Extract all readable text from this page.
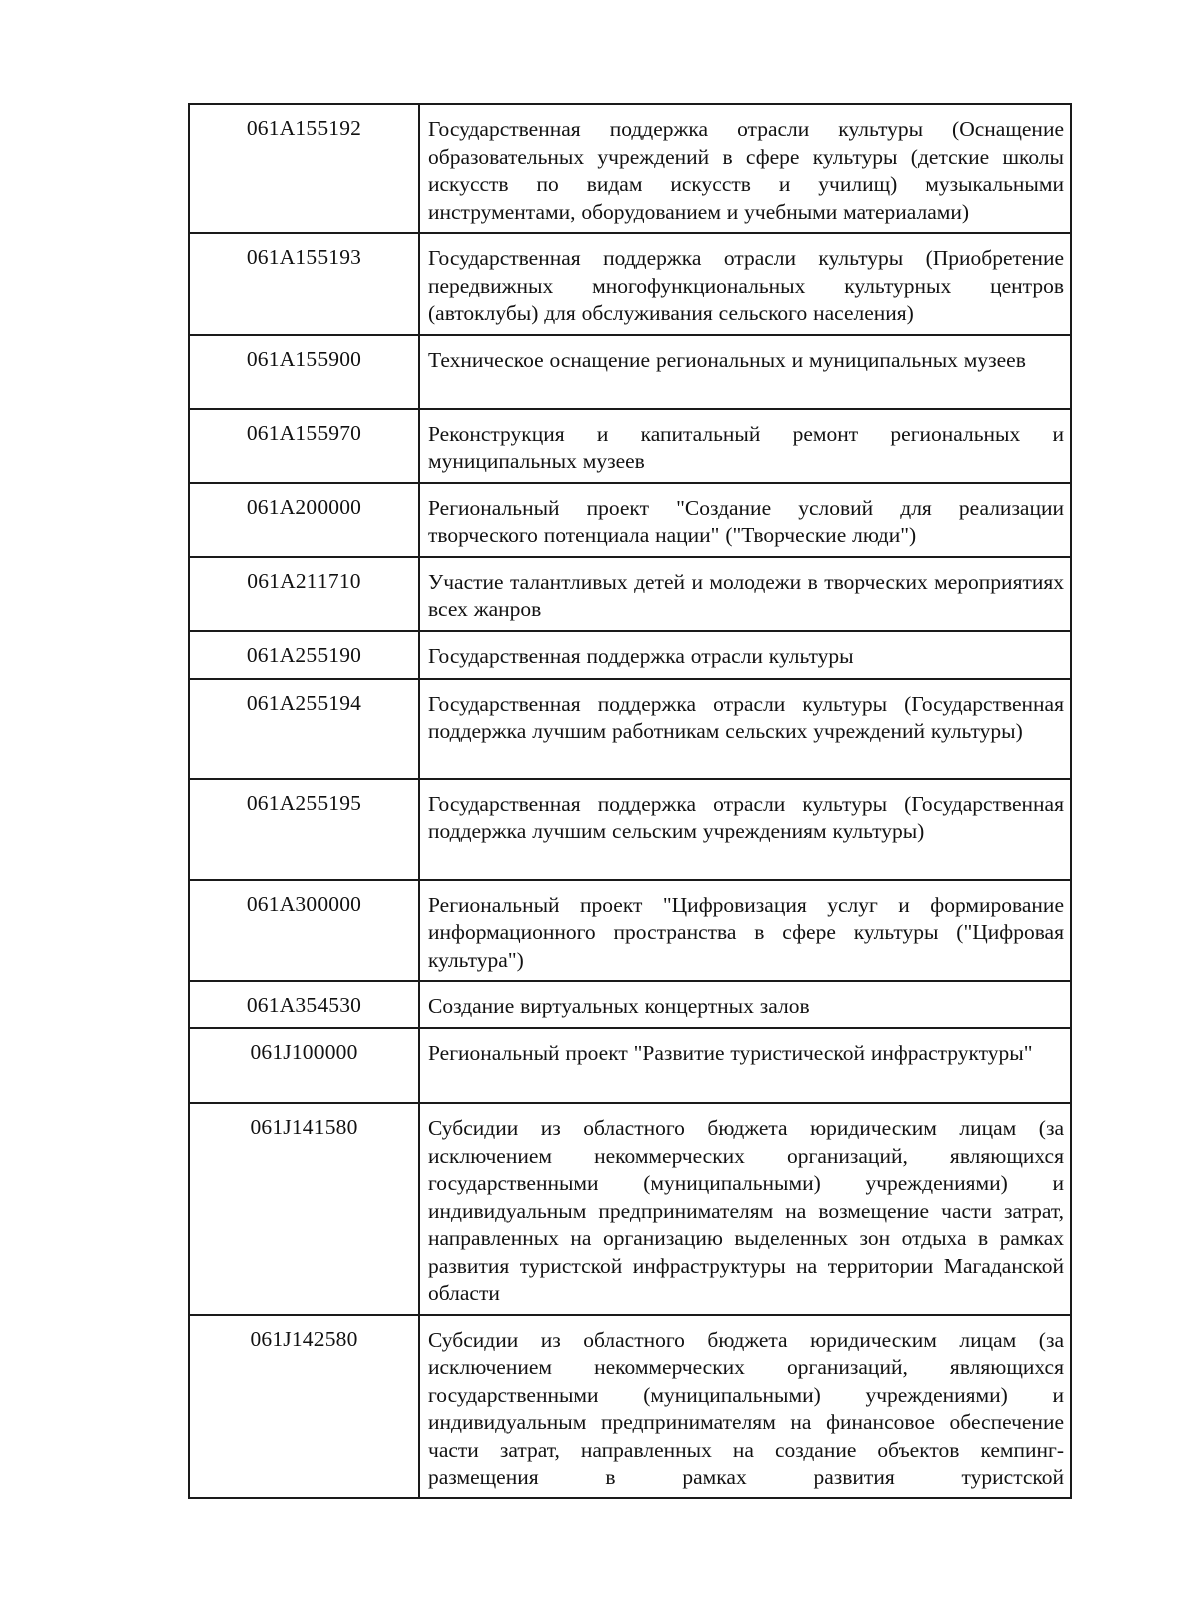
061A155192	Государственная поддержка отрасли культуры (Оснащение образовательных учреждений в сфере культуры (детские школы искусств по видам искусств и училищ) музыкальными инструментами, оборудованием и учебными материалами)
061A155193	Государственная поддержка отрасли культуры (Приобретение передвижных многофункциональных культурных центров (автоклубы) для обслуживания сельского населения)
061A155900	Техническое оснащение региональных и муниципальных музеев
061A155970	Реконструкция и капитальный ремонт региональных и муниципальных музеев
061A200000	Региональный проект "Создание условий для реализации творческого потенциала нации" ("Творческие люди")
061A211710	Участие талантливых детей и молодежи в творческих мероприятиях всех жанров
061A255190	Государственная поддержка отрасли культуры
061A255194	Государственная поддержка отрасли культуры (Государственная поддержка лучшим работникам сельских учреждений культуры)
061A255195	Государственная поддержка отрасли культуры (Государственная поддержка лучшим сельским учреждениям культуры)
061A300000	Региональный проект "Цифровизация услуг и формирование информационного пространства в сфере культуры ("Цифровая культура")
061A354530	Создание виртуальных концертных залов
061J100000	Региональный проект "Развитие туристической инфраструктуры"
061J141580	Субсидии из областного бюджета юридическим лицам (за исключением некоммерческих организаций, являющихся государственными (муниципальными) учреждениями) и индивидуальным предпринимателям на возмещение части затрат, направленных на организацию выделенных зон отдыха в рамках развития туристской инфраструктуры на территории Магаданской области
061J142580	Субсидии из областного бюджета юридическим лицам (за исключением некоммерческих организаций, являющихся государственными (муниципальными) учреждениями) и индивидуальным предпринимателям на финансовое обеспечение части затрат, направленных на создание объектов кемпинг-размещения в рамках развития туристской
